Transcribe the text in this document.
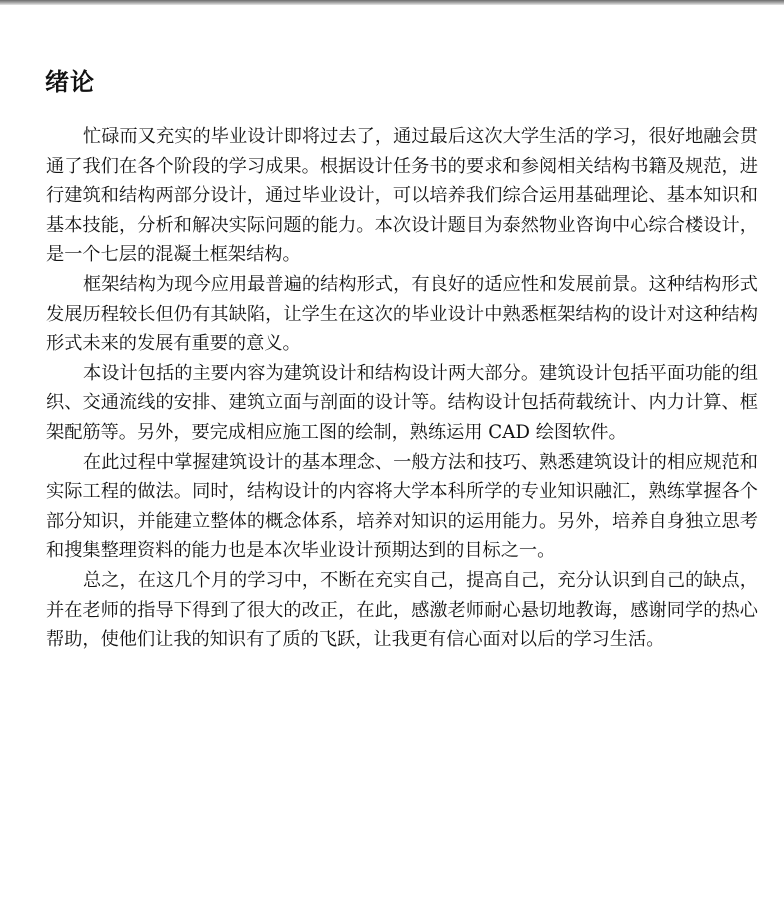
绪论
忙碌而又充实的毕业设计即将过去了，通过最后这次大学生活的学习，很好地融会贯
通了我们在各个阶段的学习成果。根据设计任务书的要求和参阅相关结构书籍及规范，进
行建筑和结构两部分设计，通过毕业设计，可以培养我们综合运用基础理论、基本知识和
基本技能，分析和解决实际问题的能力。本次设计题目为泰然物业咨询中心综合楼设计，
是一个七层的混凝土框架结构。
框架结构为现今应用最普遍的结构形式，有良好的适应性和发展前景。这种结构形式
发展历程较长但仍有其缺陷，让学生在这次的毕业设计中熟悉框架结构的设计对这种结构
形式未来的发展有重要的意义。
本设计包括的主要内容为建筑设计和结构设计两大部分。建筑设计包括平面功能的组
织、交通流线的安排、建筑立面与剖面的设计等。结构设计包括荷载统计、内力计算、框
架配筋等。另外，要完成相应施工图的绘制，熟练运用 CAD 绘图软件。
在此过程中掌握建筑设计的基本理念、一般方法和技巧、熟悉建筑设计的相应规范和
实际工程的做法。同时，结构设计的内容将大学本科所学的专业知识融汇，熟练掌握各个
部分知识，并能建立整体的概念体系，培养对知识的运用能力。另外，培养自身独立思考
和搜集整理资料的能力也是本次毕业设计预期达到的目标之一。
总之，在这几个月的学习中，不断在充实自己，提高自己，充分认识到自己的缺点，
并在老师的指导下得到了很大的改正，在此，感激老师耐心悬切地教诲，感谢同学的热心
帮助，使他们让我的知识有了质的飞跃，让我更有信心面对以后的学习生活。
